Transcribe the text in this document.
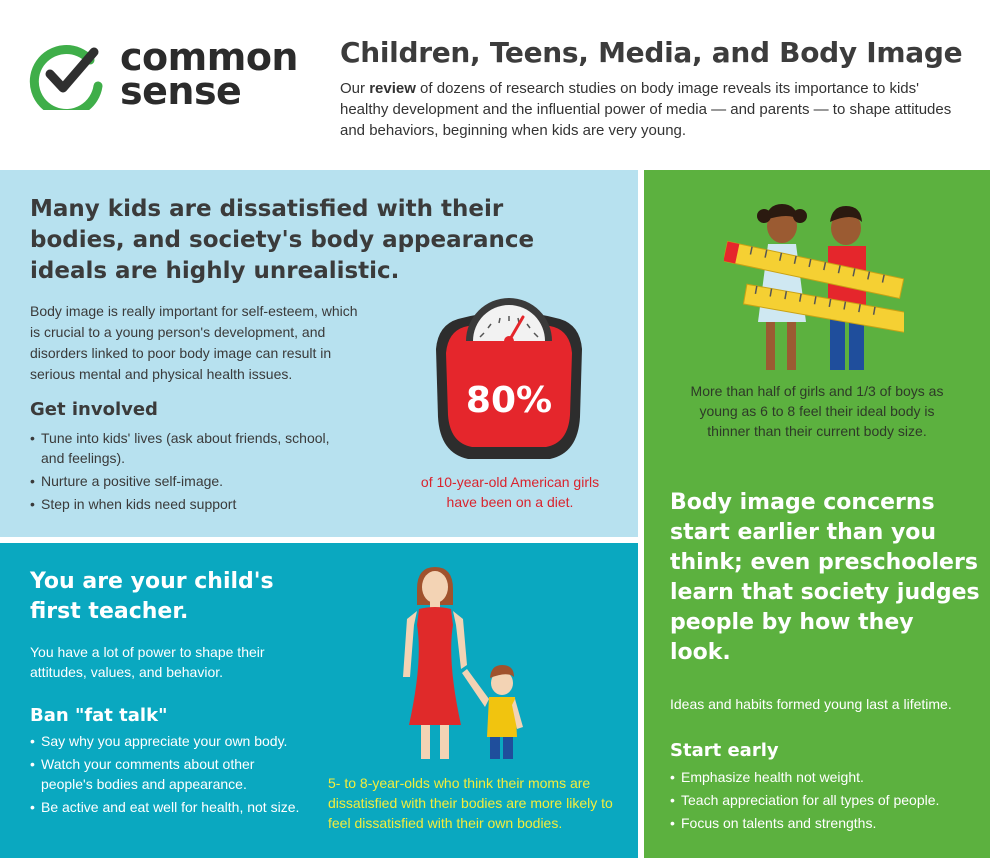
common
sense
Children, Teens, Media, and Body Image
Our review of dozens of research studies on body image reveals its importance to kids' healthy development and the influential power of media — and parents — to shape attitudes and behaviors, beginning when kids are very young.
Many kids are dissatisfied with their bodies, and society's body appearance ideals are highly unrealistic.
Body image is really important for self-esteem, which is crucial to a young person's development, and disorders linked to poor body image can result in serious mental and physical health issues.
Get involved
• Tune into kids' lives (ask about friends, school, and feelings).
• Nurture a positive self-image.
• Step in when kids need support
80%
of 10-year-old American girls have been on a diet.
You are your child's first teacher.
You have a lot of power to shape their attitudes, values, and behavior.
Ban "fat talk"
• Say why you appreciate your own body.
• Watch your comments about other people's bodies and appearance.
• Be active and eat well for health, not size.
5- to 8-year-olds who think their moms are dissatisfied with their bodies are more likely to feel dissatisfied with their own bodies.
More than half of girls and 1/3 of boys as young as 6 to 8 feel their ideal body is thinner than their current body size.
Body image concerns start earlier than you think; even preschoolers learn that society judges people by how they look.
Ideas and habits formed young last a lifetime.
Start early
• Emphasize health not weight.
• Teach appreciation for all types of people.
• Focus on talents and strengths.
